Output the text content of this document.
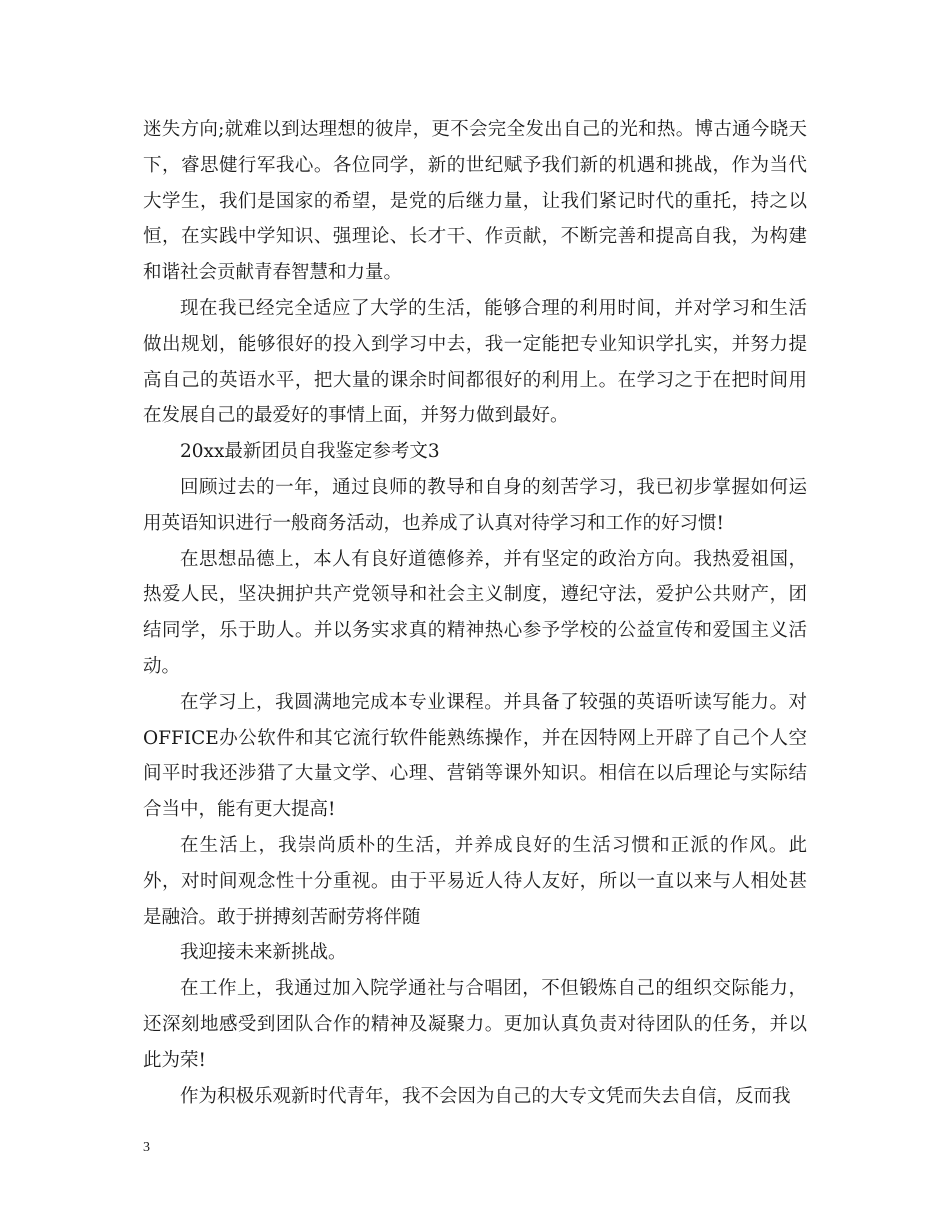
迷失方向;就难以到达理想的彼岸，更不会完全发出自己的光和热。博古通今晓天下，睿思健行军我心。各位同学，新的世纪赋予我们新的机遇和挑战，作为当代大学生，我们是国家的希望，是党的后继力量，让我们紧记时代的重托，持之以恒，在实践中学知识、强理论、长才干、作贡献，不断完善和提高自我，为构建和谐社会贡献青春智慧和力量。

现在我已经完全适应了大学的生活，能够合理的利用时间，并对学习和生活做出规划，能够很好的投入到学习中去，我一定能把专业知识学扎实，并努力提高自己的英语水平，把大量的课余时间都很好的利用上。在学习之于在把时间用在发展自己的最爱好的事情上面，并努力做到最好。

20xx最新团员自我鉴定参考文3

回顾过去的一年，通过良师的教导和自身的刻苦学习，我已初步掌握如何运用英语知识进行一般商务活动，也养成了认真对待学习和工作的好习惯!

在思想品德上，本人有良好道德修养，并有坚定的政治方向。我热爱祖国，热爱人民，坚决拥护共产党领导和社会主义制度，遵纪守法，爱护公共财产，团结同学，乐于助人。并以务实求真的精神热心参予学校的公益宣传和爱国主义活动。

在学习上，我圆满地完成本专业课程。并具备了较强的英语听读写能力。对OFFICE办公软件和其它流行软件能熟练操作，并在因特网上开辟了自己个人空间平时我还涉猎了大量文学、心理、营销等课外知识。相信在以后理论与实际结合当中，能有更大提高!

在生活上，我崇尚质朴的生活，并养成良好的生活习惯和正派的作风。此外，对时间观念性十分重视。由于平易近人待人友好，所以一直以来与人相处甚是融洽。敢于拼搏刻苦耐劳将伴随

我迎接未来新挑战。

在工作上，我通过加入院学通社与合唱团，不但锻炼自己的组织交际能力，还深刻地感受到团队合作的精神及凝聚力。更加认真负责对待团队的任务，并以此为荣!

作为积极乐观新时代青年，我不会因为自己的大专文凭而失去自信，反而我

3
